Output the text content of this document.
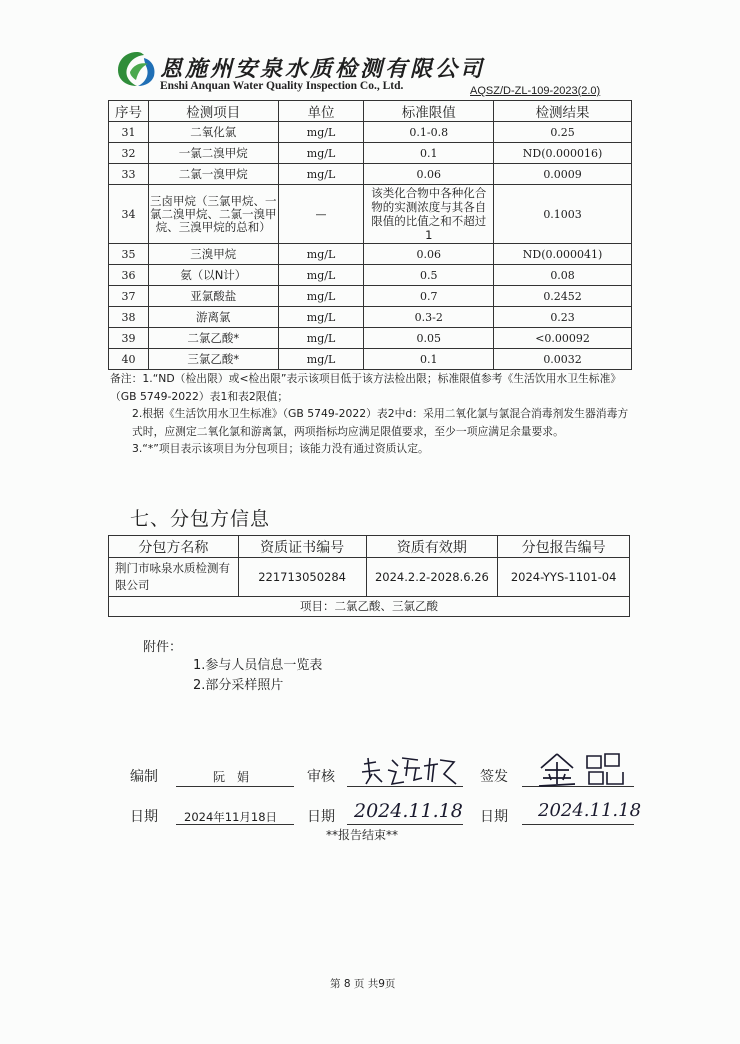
恩施州安泉水质检测有限公司
Enshi Anquan Water Quality Inspection Co., Ltd.	AQSZ/D-ZL-109-2023(2.0)
序号	检测项目	单位	标准限值	检测结果
31	二氧化氯	mg/L	0.1-0.8	0.25
32	一氯二溴甲烷	mg/L	0.1	ND(0.000016)
33	二氯一溴甲烷	mg/L	0.06	0.0009
34	三卤甲烷（三氯甲烷、一氯二溴甲烷、二氯一溴甲烷、三溴甲烷的总和）	—	该类化合物中各种化合物的实测浓度与其各自限值的比值之和不超过1	0.1003
35	三溴甲烷	mg/L	0.06	ND(0.000041)
36	氨（以N计）	mg/L	0.5	0.08
37	亚氯酸盐	mg/L	0.7	0.2452
38	游离氯	mg/L	0.3-2	0.23
39	二氯乙酸*	mg/L	0.05	<0.00092
40	三氯乙酸*	mg/L	0.1	0.0032

备注：1.“ND（检出限）或<检出限”表示该项目低于该方法检出限；标准限值参考《生活饮用水卫生标准》（GB 5749-2022）表1和表2限值；

2.根据《生活饮用水卫生标准》（GB 5749-2022）表2中d：采用二氧化氯与氯混合消毒剂发生器消毒方式时，应测定二氧化氯和游离氯，两项指标均应满足限值要求，至少一项应满足余量要求。

3.“*”项目表示该项目为分包项目；该能力没有通过资质认定。

七、分包方信息
分包方名称	资质证书编号	资质有效期	分包报告编号
荆门市咏泉水质检测有限公司	221713050284	2024.2.2-2028.6.26	2024-YYS-1101-04
项目：二氯乙酸、三氯乙酸			
附件：

1.参与人员信息一览表

2.部分采样照片

编制	阮　娟	审核	签发
日期 2024年11月18日 日期 2024.11.18 日期 2024.11.18
**报告结束**
第 8 页 共9页
